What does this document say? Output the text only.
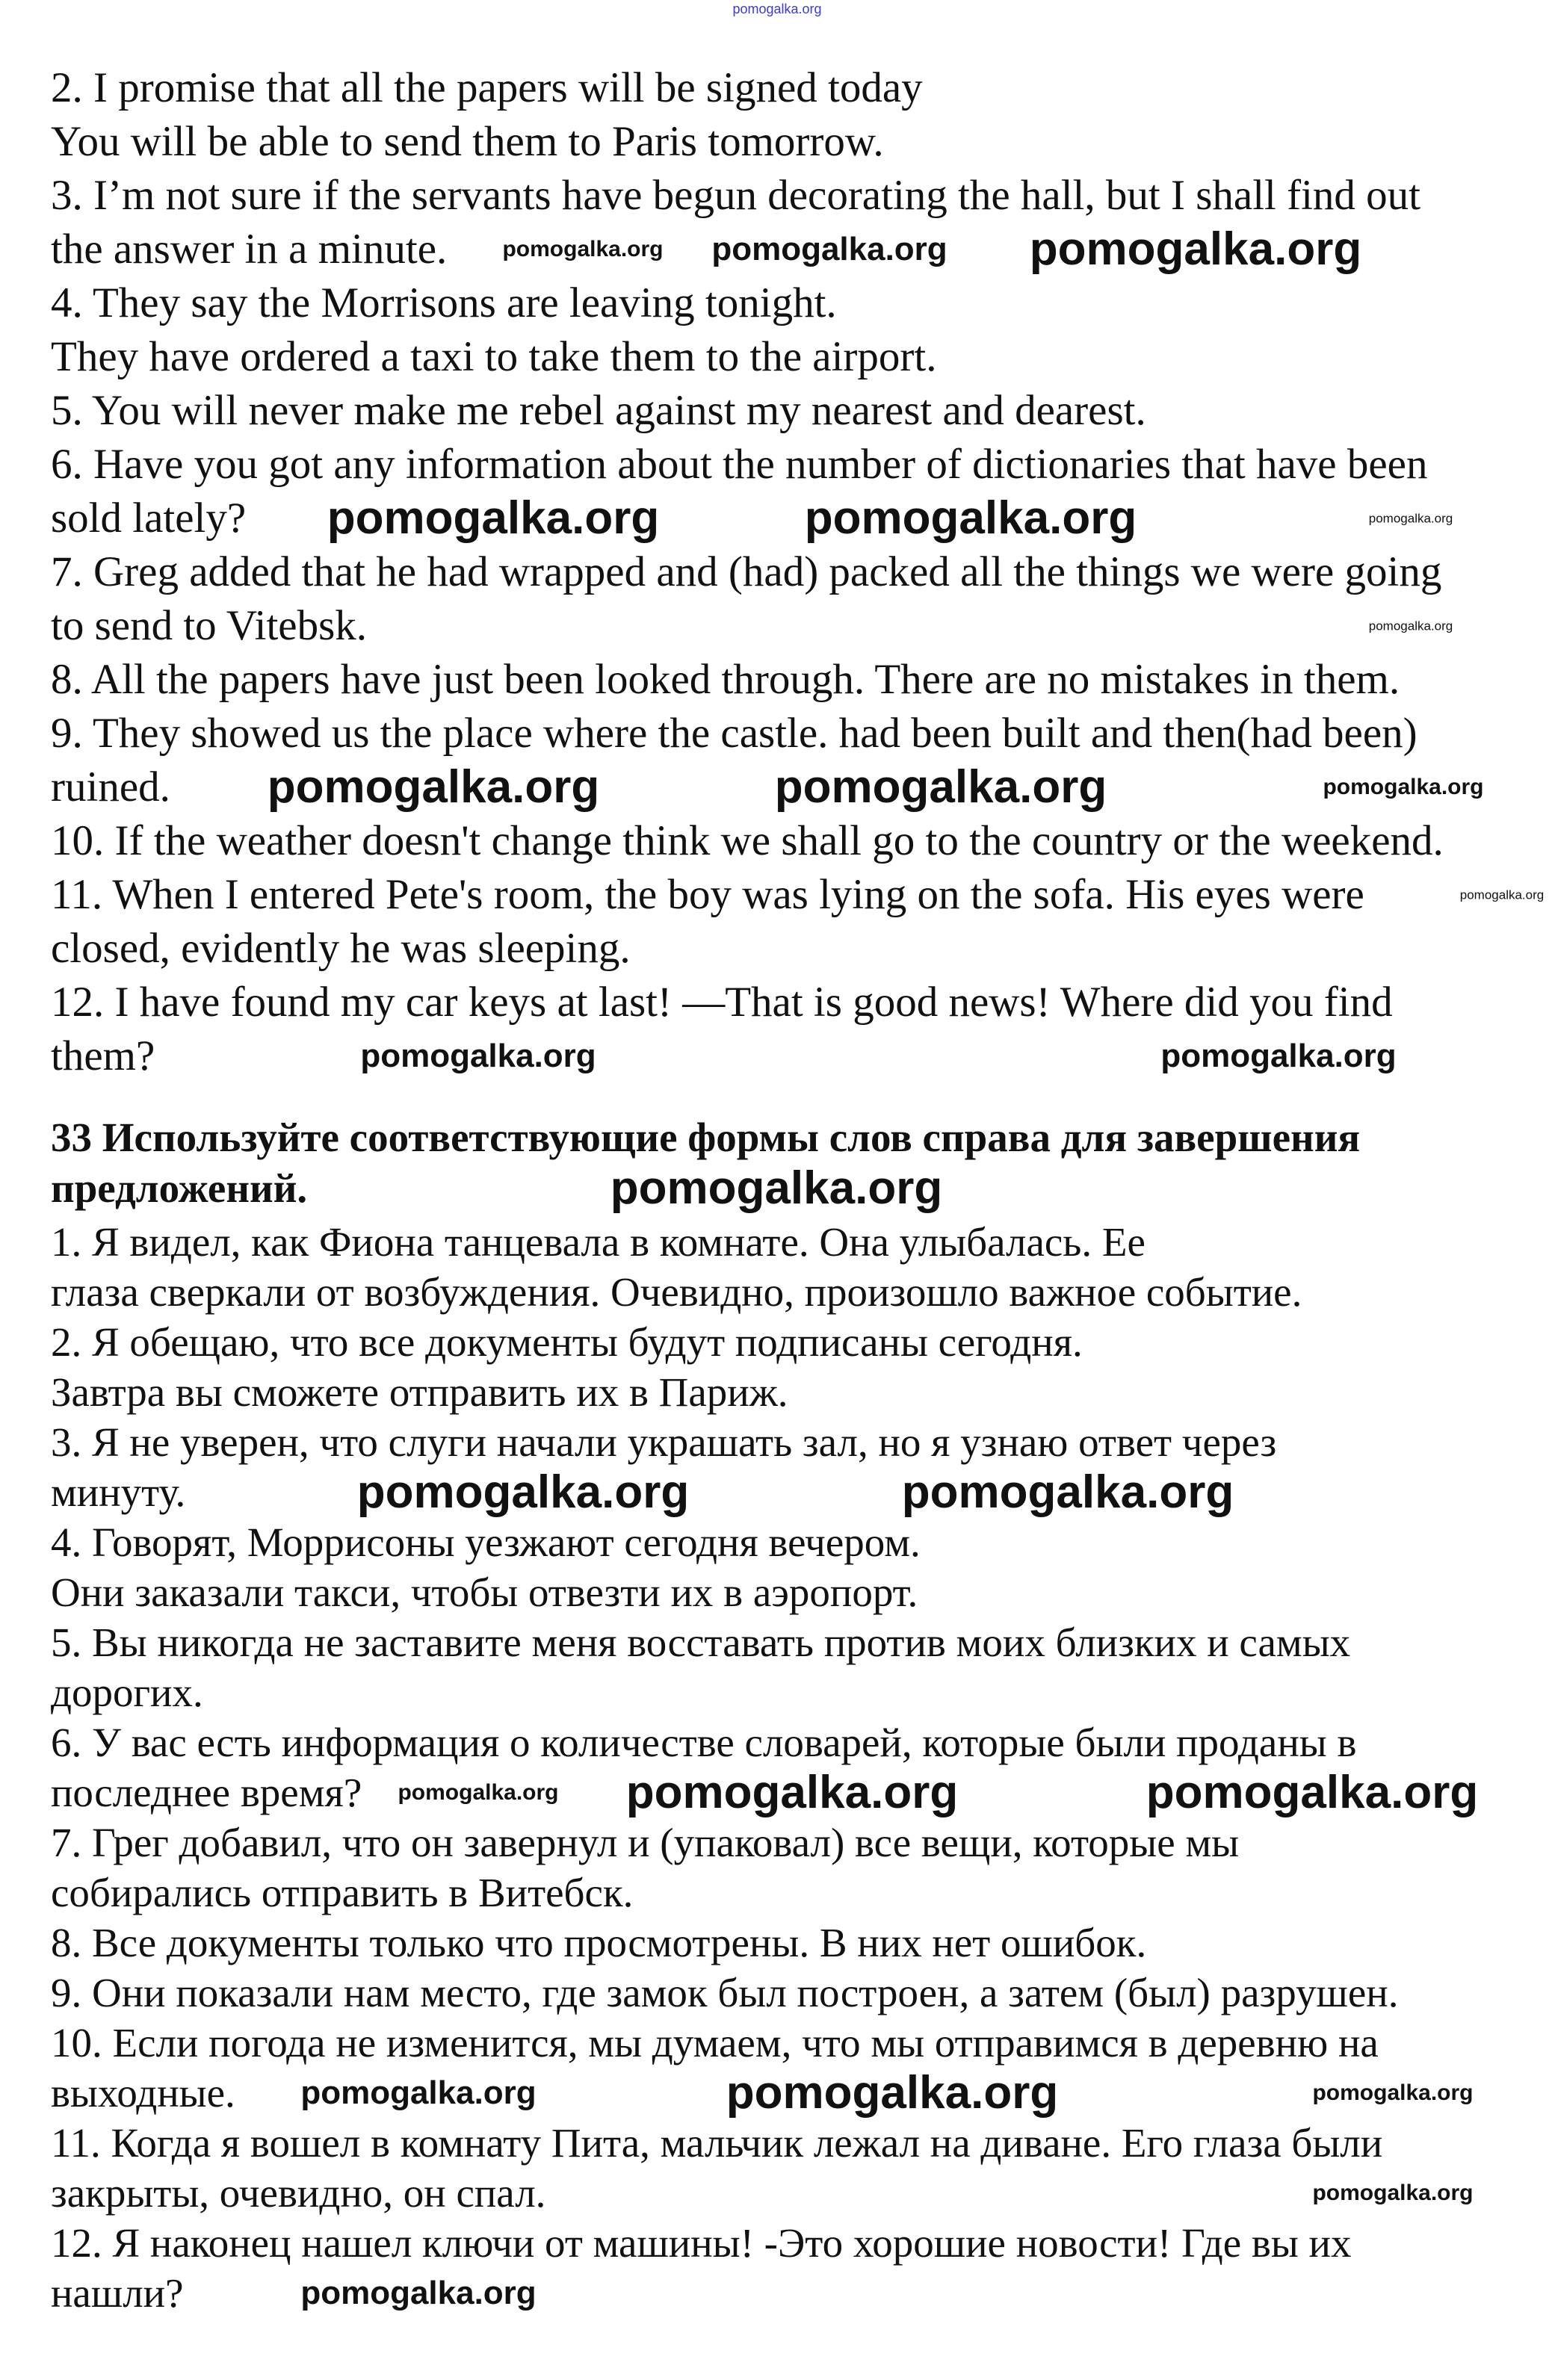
pomogalka.org
2. I promise that all the papers will be signed today
You will be able to send them to Paris tomorrow.
3. I’m not sure if the servants have begun decorating the hall, but I shall find out
the answer in a minute.
4. They say the Morrisons are leaving tonight.
They have ordered a taxi to take them to the airport.
5. You will never make me rebel against my nearest and dearest.
6. Have you got any information about the number of dictionaries that have been
sold lately?
7. Greg added that he had wrapped and (had) packed all the things we were going
to send to Vitebsk.
8. All the papers have just been looked through. There are no mistakes in them.
9. They showed us the place where the castle. had been built and then(had been)
ruined.
10. If the weather doesn't change think we shall go to the country or the weekend.
11. When I entered Pete's room, the boy was lying on the sofa. His eyes were
closed, evidently he was sleeping.
12. I have found my car keys at last! —That is good news! Where did you find
them?
33 Используйте соответствующие формы слов справа для завершения
предложений.
1. Я видел, как Фиона танцевала в комнате. Она улыбалась. Ее
глаза сверкали от возбуждения. Очевидно, произошло важное событие.
2. Я обещаю, что все документы будут подписаны сегодня.
Завтра вы сможете отправить их в Париж.
3. Я не уверен, что слуги начали украшать зал, но я узнаю ответ через
минуту.
4. Говорят, Моррисоны уезжают сегодня вечером.
Они заказали такси, чтобы отвезти их в аэропорт.
5. Вы никогда не заставите меня восставать против моих близких и самых
дорогих.
6. У вас есть информация о количестве словарей, которые были проданы в
последнее время?
7. Грег добавил, что он завернул и (упаковал) все вещи, которые мы
собирались отправить в Витебск.
8. Все документы только что просмотрены. В них нет ошибок.
9. Они показали нам место, где замок был построен, а затем (был) разрушен.
10. Если погода не изменится, мы думаем, что мы отправимся в деревню на
выходные.
11. Когда я вошел в комнату Пита, мальчик лежал на диване. Его глаза были
закрыты, очевидно, он спал.
12. Я наконец нашел ключи от машины! -Это хорошие новости! Где вы их
нашли?
pomogalka.org pomogalka.org pomogalka.org
pomogalka.org	pomogalka.org	pomogalka.org
pomogalka.org
pomogalka.org	pomogalka.org	pomogalka.org
pomogalka.org
pomogalka.org
pomogalka.org
pomogalka.org
pomogalka.org	pomogalka.org
pomogalka.org pomogalka.org	pomogalka.org
pomogalka.org	pomogalka.org	pomogalka.org
pomogalka.org
pomogalka.org
